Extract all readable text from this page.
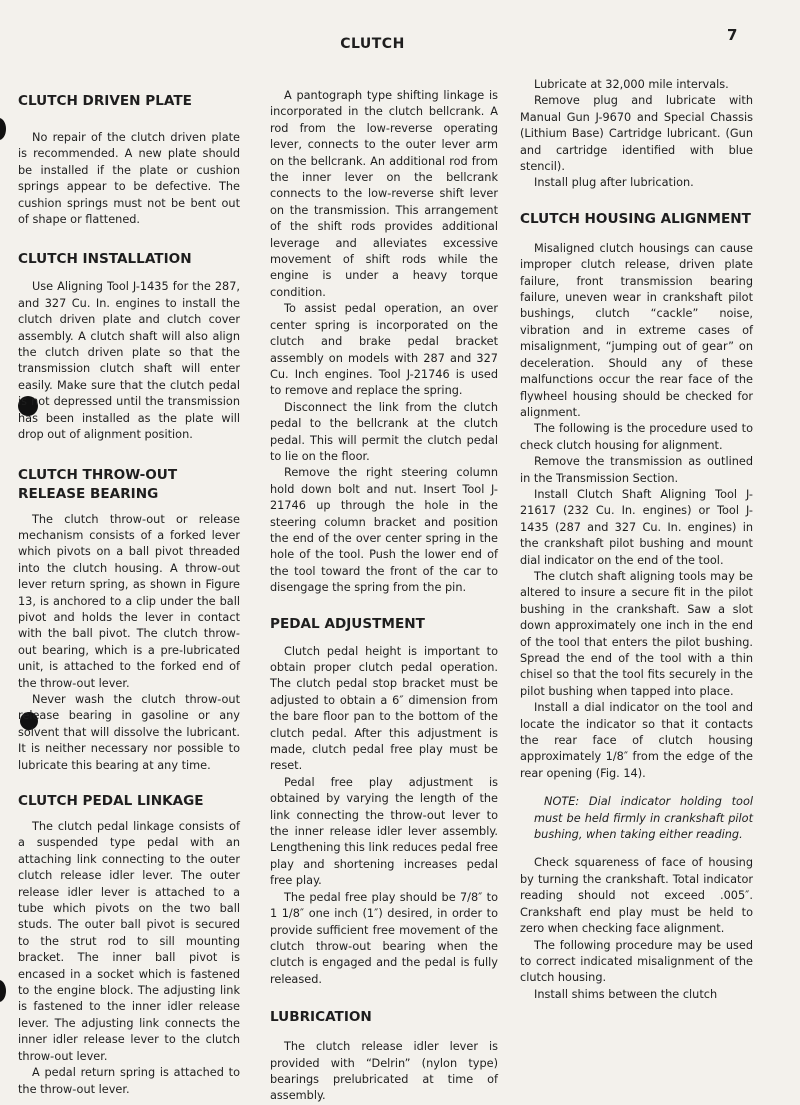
CLUTCH	7
CLUTCH DRIVEN PLATE

No repair of the clutch driven plate is recommended. A new plate should be installed if the plate or cushion springs appear to be defective. The cushion springs must not be bent out of shape or flattened.

CLUTCH INSTALLATION

Use Aligning Tool J-1435 for the 287, and 327 Cu. In. engines to install the clutch driven plate and clutch cover assembly. A clutch shaft will also align the clutch driven plate so that the transmission clutch shaft will enter easily. Make sure that the clutch pedal is not depressed until the transmission has been installed as the plate will drop out of alignment position.

CLUTCH THROW-OUT RELEASE BEARING

The clutch throw-out or release mechanism consists of a forked lever which pivots on a ball pivot threaded into the clutch housing. A throw-out lever return spring, as shown in Figure 13, is anchored to a clip under the ball pivot and holds the lever in contact with the ball pivot. The clutch throw-out bearing, which is a pre-lubricated unit, is attached to the forked end of the throw-out lever.

Never wash the clutch throw-out release bearing in gasoline or any solvent that will dissolve the lubricant. It is neither necessary nor possible to lubricate this bearing at any time.

CLUTCH PEDAL LINKAGE

The clutch pedal linkage consists of a suspended type pedal with an attaching link connecting to the outer clutch release idler lever. The outer release idler lever is attached to a tube which pivots on the two ball studs. The outer ball pivot is secured to the strut rod to sill mounting bracket. The inner ball pivot is encased in a socket which is fastened to the engine block. The adjusting link is fastened to the inner idler release lever. The adjusting link connects the inner idler release lever to the clutch throw-out lever.

A pedal return spring is attached to the throw-out lever.

A pantograph type shifting linkage is incorporated in the clutch bellcrank. A rod from the low-reverse operating lever, connects to the outer lever arm on the bellcrank. An additional rod from the inner lever on the bellcrank connects to the low-reverse shift lever on the transmission. This arrangement of the shift rods provides additional leverage and alleviates excessive movement of shift rods while the engine is under a heavy torque condition.

To assist pedal operation, an over center spring is incorporated on the clutch and brake pedal bracket assembly on models with 287 and 327 Cu. Inch engines. Tool J-21746 is used to remove and replace the spring.

Disconnect the link from the clutch pedal to the bellcrank at the clutch pedal. This will permit the clutch pedal to lie on the floor.

Remove the right steering column hold down bolt and nut. Insert Tool J-21746 up through the hole in the steering column bracket and position the end of the over center spring in the hole of the tool. Push the lower end of the tool toward the front of the car to disengage the spring from the pin.

PEDAL ADJUSTMENT

Clutch pedal height is important to obtain proper clutch pedal operation. The clutch pedal stop bracket must be adjusted to obtain a 6″ dimension from the bare floor pan to the bottom of the clutch pedal. After this adjustment is made, clutch pedal free play must be reset.

Pedal free play adjustment is obtained by varying the length of the link connecting the throw-out lever to the inner release idler lever assembly. Lengthening this link reduces pedal free play and shortening increases pedal free play.

The pedal free play should be 7/8″ to 1 1/8″ one inch (1″) desired, in order to provide sufficient free movement of the clutch throw-out bearing when the clutch is engaged and the pedal is fully released.

LUBRICATION

The clutch release idler lever is provided with “Delrin” (nylon type) bearings prelubricated at time of assembly.

Lubricate at 32,000 mile intervals.

Remove plug and lubricate with Manual Gun J-9670 and Special Chassis (Lithium Base) Cartridge lubricant. (Gun and cartridge identified with blue stencil).

Install plug after lubrication.

CLUTCH HOUSING ALIGNMENT

Misaligned clutch housings can cause improper clutch release, driven plate failure, front transmission bearing failure, uneven wear in crankshaft pilot bushings, clutch “cackle” noise, vibration and in extreme cases of misalignment, “jumping out of gear” on deceleration. Should any of these malfunctions occur the rear face of the flywheel housing should be checked for alignment.

The following is the procedure used to check clutch housing for alignment.

Remove the transmission as outlined in the Transmission Section.

Install Clutch Shaft Aligning Tool J-21617 (232 Cu. In. engines) or Tool J-1435 (287 and 327 Cu. In. engines) in the crankshaft pilot bushing and mount dial indicator on the end of the tool.

The clutch shaft aligning tools may be altered to insure a secure fit in the pilot bushing in the crankshaft. Saw a slot down approximately one inch in the end of the tool that enters the pilot bushing. Spread the end of the tool with a thin chisel so that the tool fits securely in the pilot bushing when tapped into place.

Install a dial indicator on the tool and locate the indicator so that it contacts the rear face of clutch housing approximately 1/8″ from the edge of the rear opening (Fig. 14).

NOTE: Dial indicator holding tool must be held firmly in crankshaft pilot bushing, when taking either reading.

Check squareness of face of housing by turning the crankshaft. Total indicator reading should not exceed .005″. Crankshaft end play must be held to zero when checking face alignment.

The following procedure may be used to correct indicated misalignment of the clutch housing.

Install shims between the clutch
